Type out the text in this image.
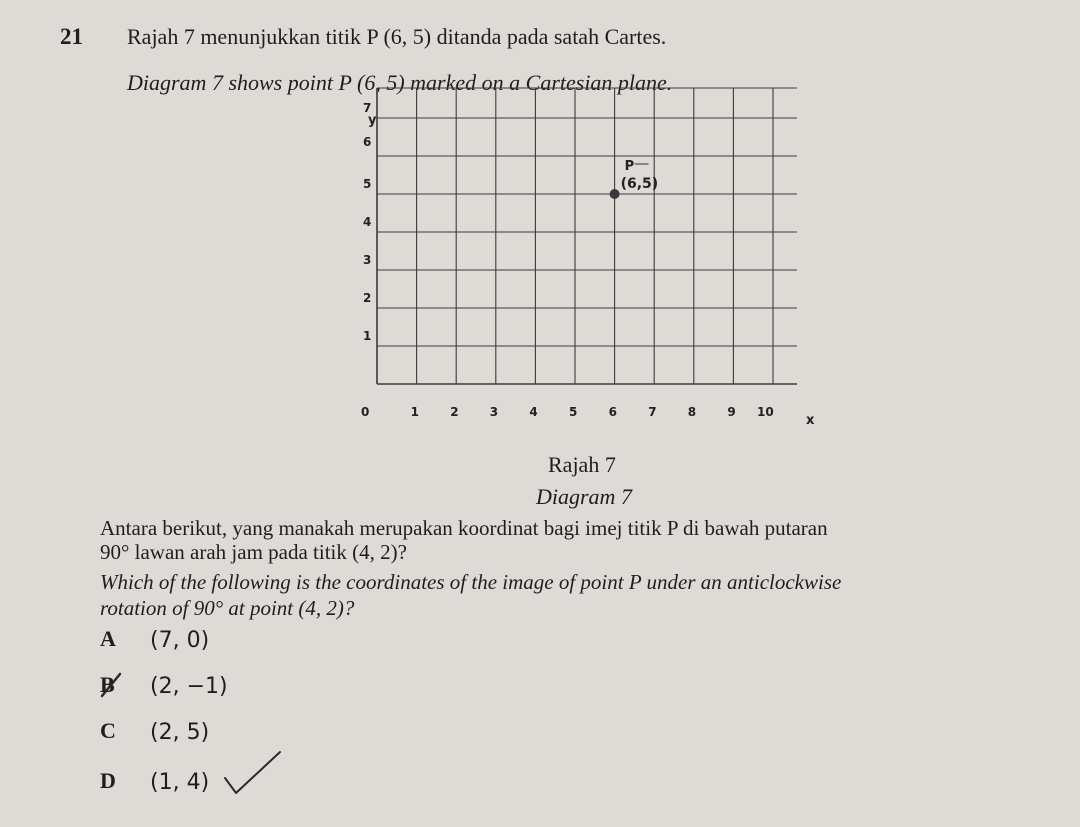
21 Rajah 7 menunjukkan titik P (6, 5) ditanda pada satah Cartes.
Diagram 7 shows point P (6, 5) marked on a Cartesian plane.
0	1	2	3	4	5	6	7	8	9 10
1
2
3
4
5
6
7
y
x
P
(6,5)
Rajah 7
Diagram 7
Antara berikut, yang manakah merupakan koordinat bagi imej titik P di bawah putaran
90° lawan arah jam pada titik (4, 2)?
Which of the following is the coordinates of the image of point P under an anticlockwise
rotation of 90° at point (4, 2)?
A (7, 0)
B (2, −1)
C (2, 5)
D (1, 4)
